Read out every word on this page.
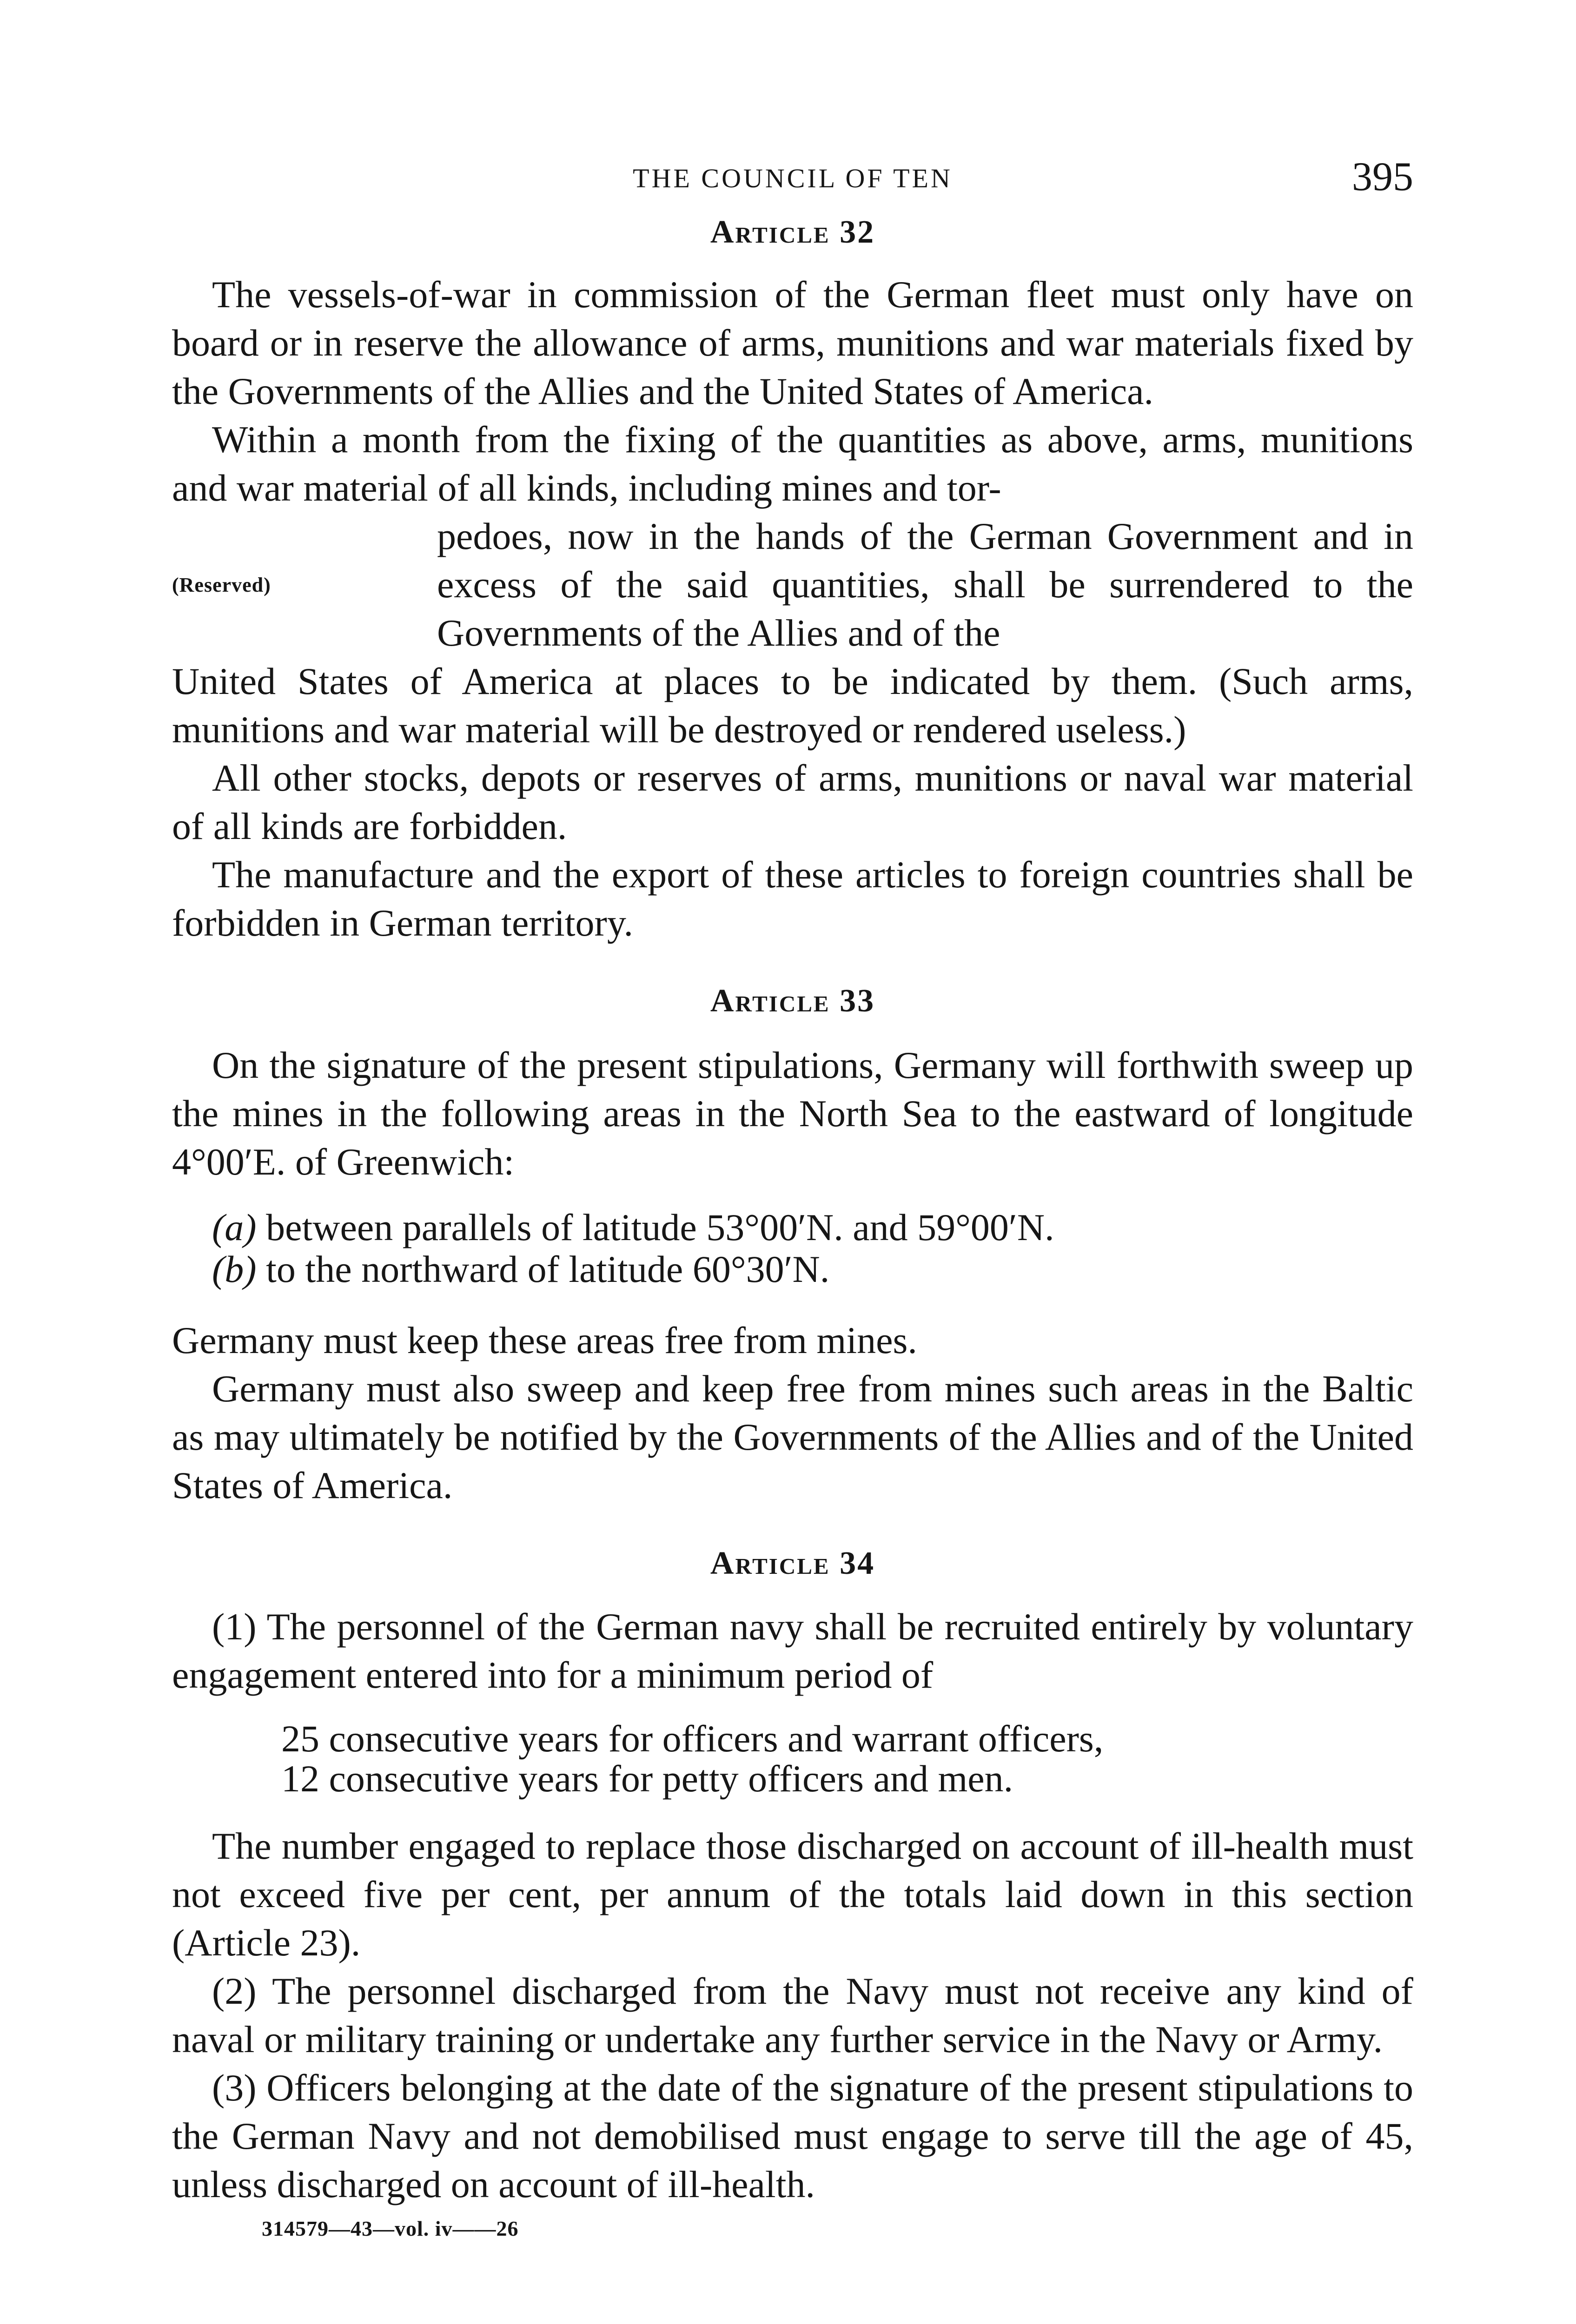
THE COUNCIL OF TEN	395
Article 32

The vessels-of-war in commission of the German fleet must only have on board or in reserve the allowance of arms, munitions and war materials fixed by the Governments of the Allies and the United States of America.

Within a month from the fixing of the quantities as above, arms, munitions and war material of all kinds, including mines and tor-

(Reserved)
pedoes, now in the hands of the German Government and in excess of the said quantities, shall be surrendered to the Governments of the Allies and of the

United States of America at places to be indicated by them. (Such arms, munitions and war material will be destroyed or rendered useless.)

All other stocks, depots or reserves of arms, munitions or naval war material of all kinds are forbidden.

The manufacture and the export of these articles to foreign countries shall be forbidden in German territory.

Article 33

On the signature of the present stipulations, Germany will forthwith sweep up the mines in the following areas in the North Sea to the eastward of longitude 4°00′E. of Greenwich:

(a) between parallels of latitude 53°00′N. and 59°00′N.
(b) to the northward of latitude 60°30′N.

Germany must keep these areas free from mines.

Germany must also sweep and keep free from mines such areas in the Baltic as may ultimately be notified by the Governments of the Allies and of the United States of America.

Article 34

(1) The personnel of the German navy shall be recruited entirely by voluntary engagement entered into for a minimum period of

25 consecutive years for officers and warrant officers,
12 consecutive years for petty officers and men.

The number engaged to replace those discharged on account of ill-health must not exceed five per cent, per annum of the totals laid down in this section (Article 23).

(2) The personnel discharged from the Navy must not receive any kind of naval or military training or undertake any further service in the Navy or Army.

(3) Officers belonging at the date of the signature of the present stipulations to the German Navy and not demobilised must engage to serve till the age of 45, unless discharged on account of ill-health.

314579—43—vol. iv——26
